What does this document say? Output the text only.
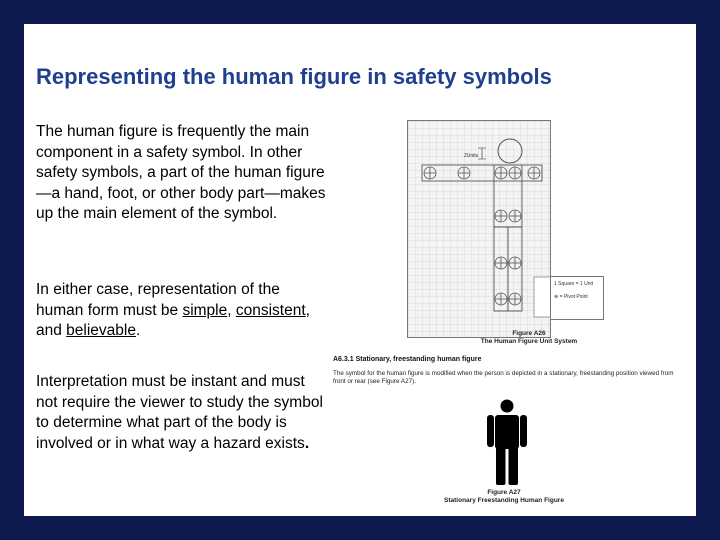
Representing the human figure in safety symbols

The human figure is frequently the main component in a safety symbol. In other safety symbols, a part of the human figure—a hand, foot, or other body part—makes up the main element of the symbol.

In either case, representation of the human form must be simple, consistent, and believable.

Interpretation must be instant and must not require the viewer to study the symbol to determine what part of the body is involved or in what way a hazard exists.

2Units
1 Square = 1 Unit
⊕ = Pivot Point
Figure A26
The Human Figure Unit System
A6.3.1 Stationary, freestanding human figure
The symbol for the human figure is modified when the person is depicted in a stationary, freestanding position viewed from front or rear (see Figure A27).
Figure A27
Stationary Freestanding Human Figure
